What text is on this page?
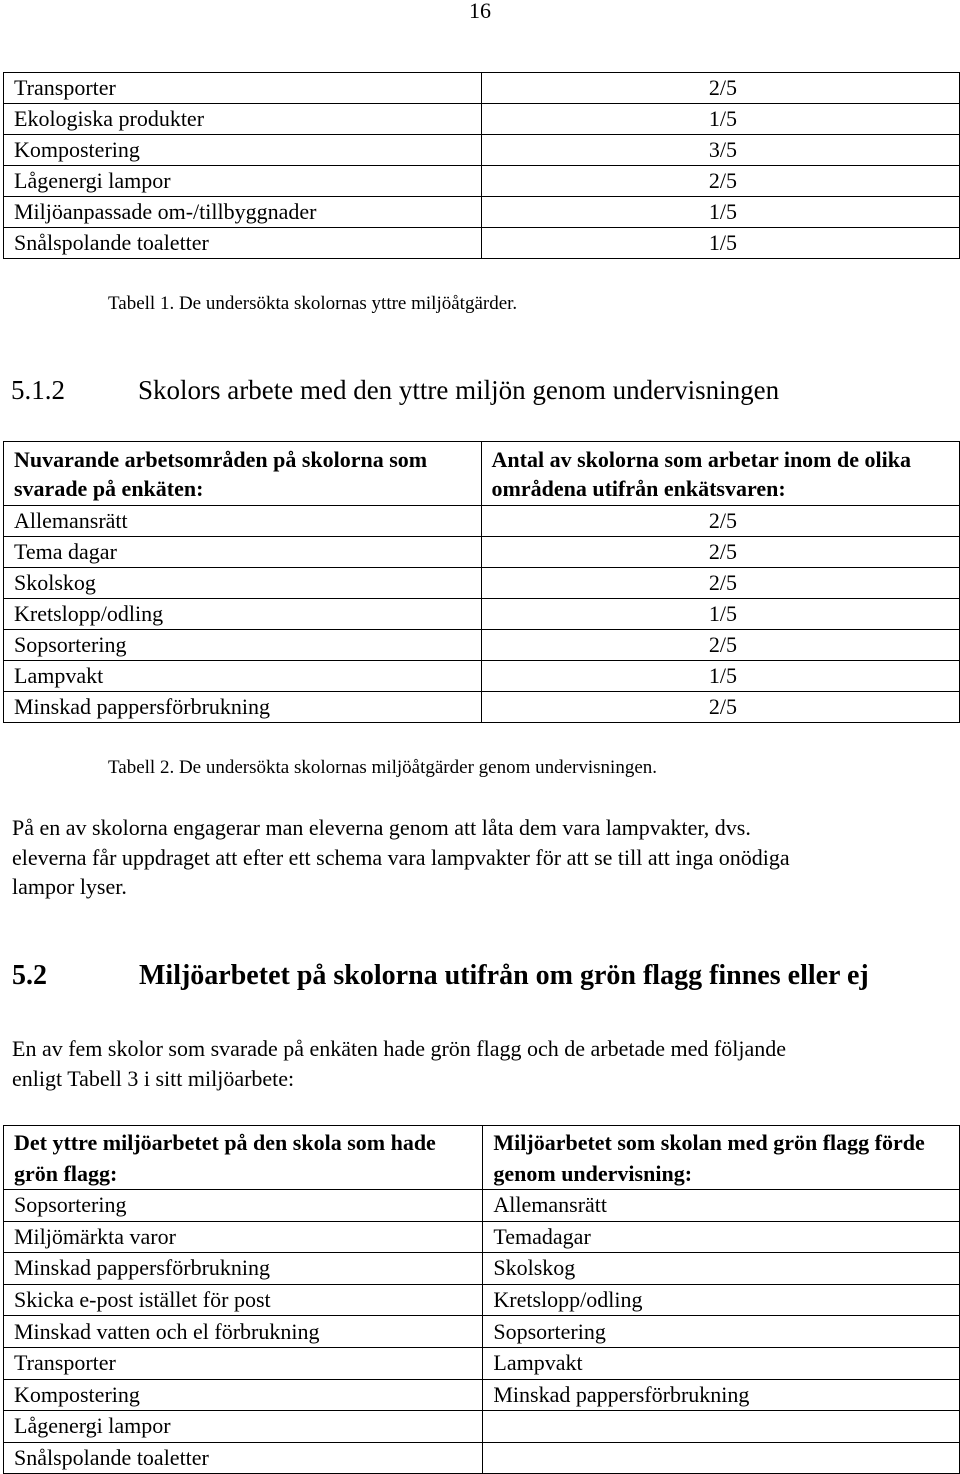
16
Transporter	2/5
Ekologiska produkter	1/5
Kompostering	3/5
Lågenergi lampor	2/5
Miljöanpassade om-/tillbyggnader	1/5
Snålspolande toaletter	1/5
Tabell 1. De undersökta skolornas yttre miljöåtgärder.
5.1.2	Skolors arbete med den yttre miljön genom undervisningen
Nuvarande arbetsområden på skolorna som svarade på enkäten:	Antal av skolorna som arbetar inom de olika områdena utifrån enkätsvaren:
Allemansrätt	2/5
Tema dagar	2/5
Skolskog	2/5
Kretslopp/odling	1/5
Sopsortering	2/5
Lampvakt	1/5
Minskad pappersförbrukning	2/5
Tabell 2. De undersökta skolornas miljöåtgärder genom undervisningen.
På en av skolorna engagerar man eleverna genom att låta dem vara lampvakter, dvs.
eleverna får uppdraget att efter ett schema vara lampvakter för att se till att inga onödiga
lampor lyser.
5.2	Miljöarbetet på skolorna utifrån om grön flagg finnes eller ej
En av fem skolor som svarade på enkäten hade grön flagg och de arbetade med följande
enligt Tabell 3 i sitt miljöarbete:
Det yttre miljöarbetet på den skola som hade grön flagg:	Miljöarbetet som skolan med grön flagg förde genom undervisning:
Sopsortering	Allemansrätt
Miljömärkta varor	Temadagar
Minskad pappersförbrukning	Skolskog
Skicka e-post istället för post	Kretslopp/odling
Minskad vatten och el förbrukning	Sopsortering
Transporter	Lampvakt
Kompostering	Minskad pappersförbrukning
Lågenergi lampor	
Snålspolande toaletter	
